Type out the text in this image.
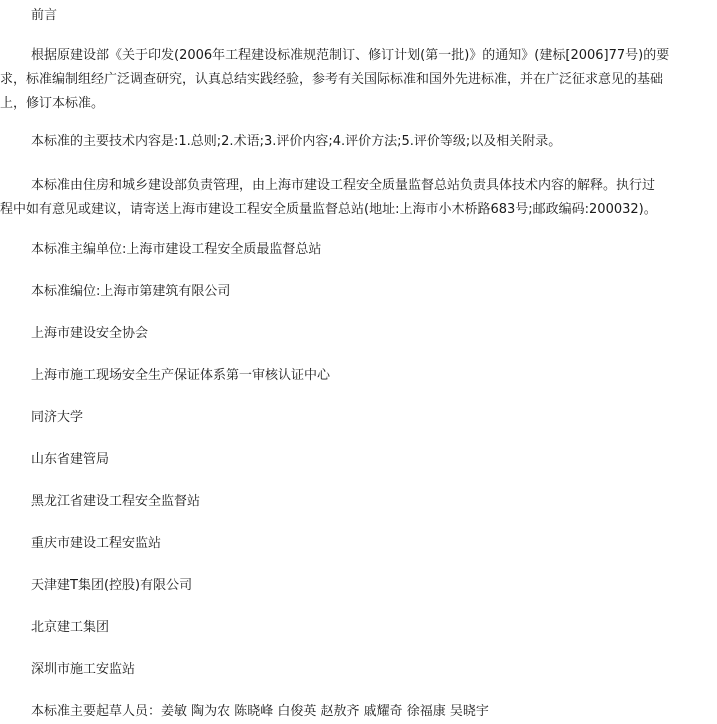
前言

根据原建设部《关于印发(2006年工程建设标准规范制订、修订计划(第一批)》的通知》(建标[2006]77号)的要
求，标准编制组经广泛调查研究，认真总结实践经验，参考有关国际标准和国外先进标准，并在广泛征求意见的基础
上，修订本标准。

本标准的主要技术内容是:1.总则;2.术语;3.评价内容;4.评价方法;5.评价等级;以及相关附录。

本标准由住房和城乡建设部负责管理，由上海市建设工程安全质量监督总站负责具体技术内容的解释。执行过
程中如有意见或建议，请寄送上海市建设工程安全质量监督总站(地址:上海市小木桥路683号;邮政编码:200032)。

本标准主编单位:上海市建设工程安全质最监督总站

本标准编位:上海市第建筑有限公司

上海市建设安全协会

上海市施工现场安全生产保证体系第一审核认证中心

同济大学

山东省建管局

黑龙江省建设工程安全监督站

重庆市建设工程安监站

天津建T集团(控股)有限公司

北京建工集团

深圳市施工安监站

本标准主要起草人员：姜敏 陶为农 陈晓峰 白俊英 赵敖齐 戚耀奇 徐福康 吴晓宇
